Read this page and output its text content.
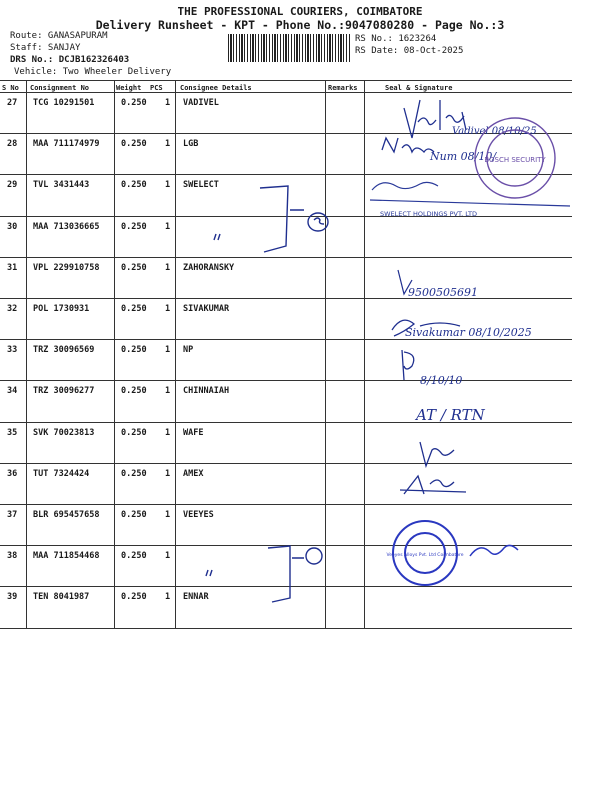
THE PROFESSIONAL COURIERS, COIMBATORE
Delivery Runsheet - KPT - Phone No.:9047080280 - Page No.:3
Route: GANASAPURAM
Staff: SANJAY
DRS No.: DCJB162326403
Vehicle: Two Wheeler Delivery
RS No.: 1623264
RS Date: 08-Oct-2025
S No Consignment No	Weight PCS Consignee Details	Remarks	Seal & Signature
27 TCG 10291501	0.250 1 VADIVEL
28 MAA 711174979	0.250 1 LGB
29 TVL 3431443	0.250 1 SWELECT
30 MAA 713036665	0.250 1
31 VPL 229910758	0.250 1 ZAHORANSKY
32 POL 1730931	0.250 1 SIVAKUMAR
33 TRZ 30096569	0.250 1 NP
34 TRZ 30096277	0.250 1 CHINNAIAH
35 SVK 70023813	0.250 1 WAFE
36 TUT 7324424	0.250 1 AMEX
37 BLR 695457658	0.250 1 VEEYES
38 MAA 711854468	0.250 1
39 TEN 8041987	0.250 1 ENNAR
Vadivel 08/10/25
Num 08/10/
BOSCH SECURITY
SWELECT HOLDINGS PVT. LTD
9500505691
Sivakumar 08/10/2025
8/10/10
AT / RTN
Veeyes Alloys Pvt. Ltd Coimbatore
